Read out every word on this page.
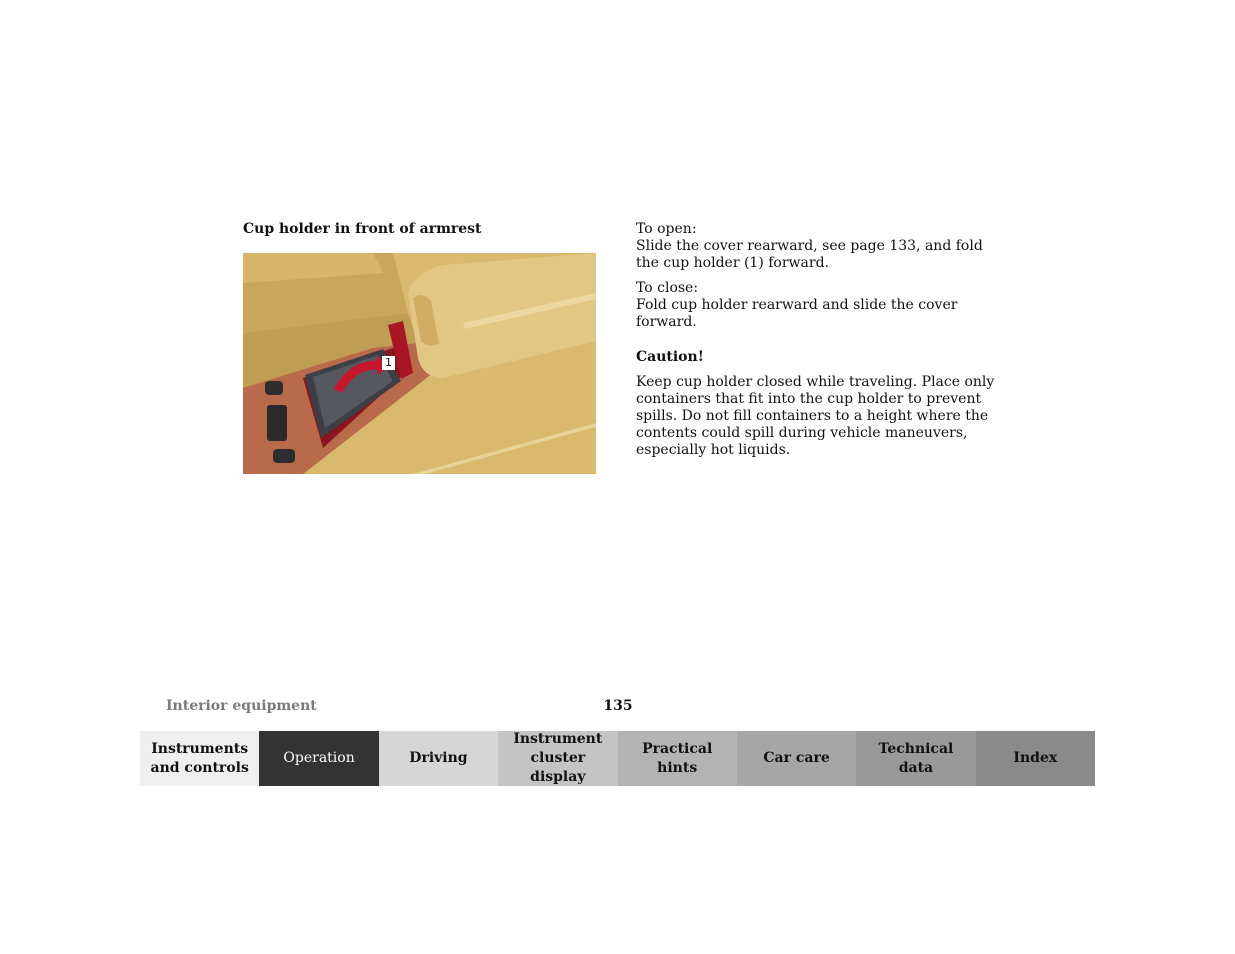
Cup holder in front of armrest
1

To open:
Slide the cover rearward, see page 133, and fold the cup holder (1) forward.

To close:
Fold cup holder rearward and slide the cover forward.

Caution!

Keep cup holder closed while traveling. Place only containers that fit into the cup holder to prevent spills. Do not fill containers to a height where the contents could spill during vehicle maneuvers, especially hot liquids.

Interior equipment	135
Instruments
and controls
Operation	Driving
Instrument
cluster display
Practical hints
Car care
Technical
data
Index
